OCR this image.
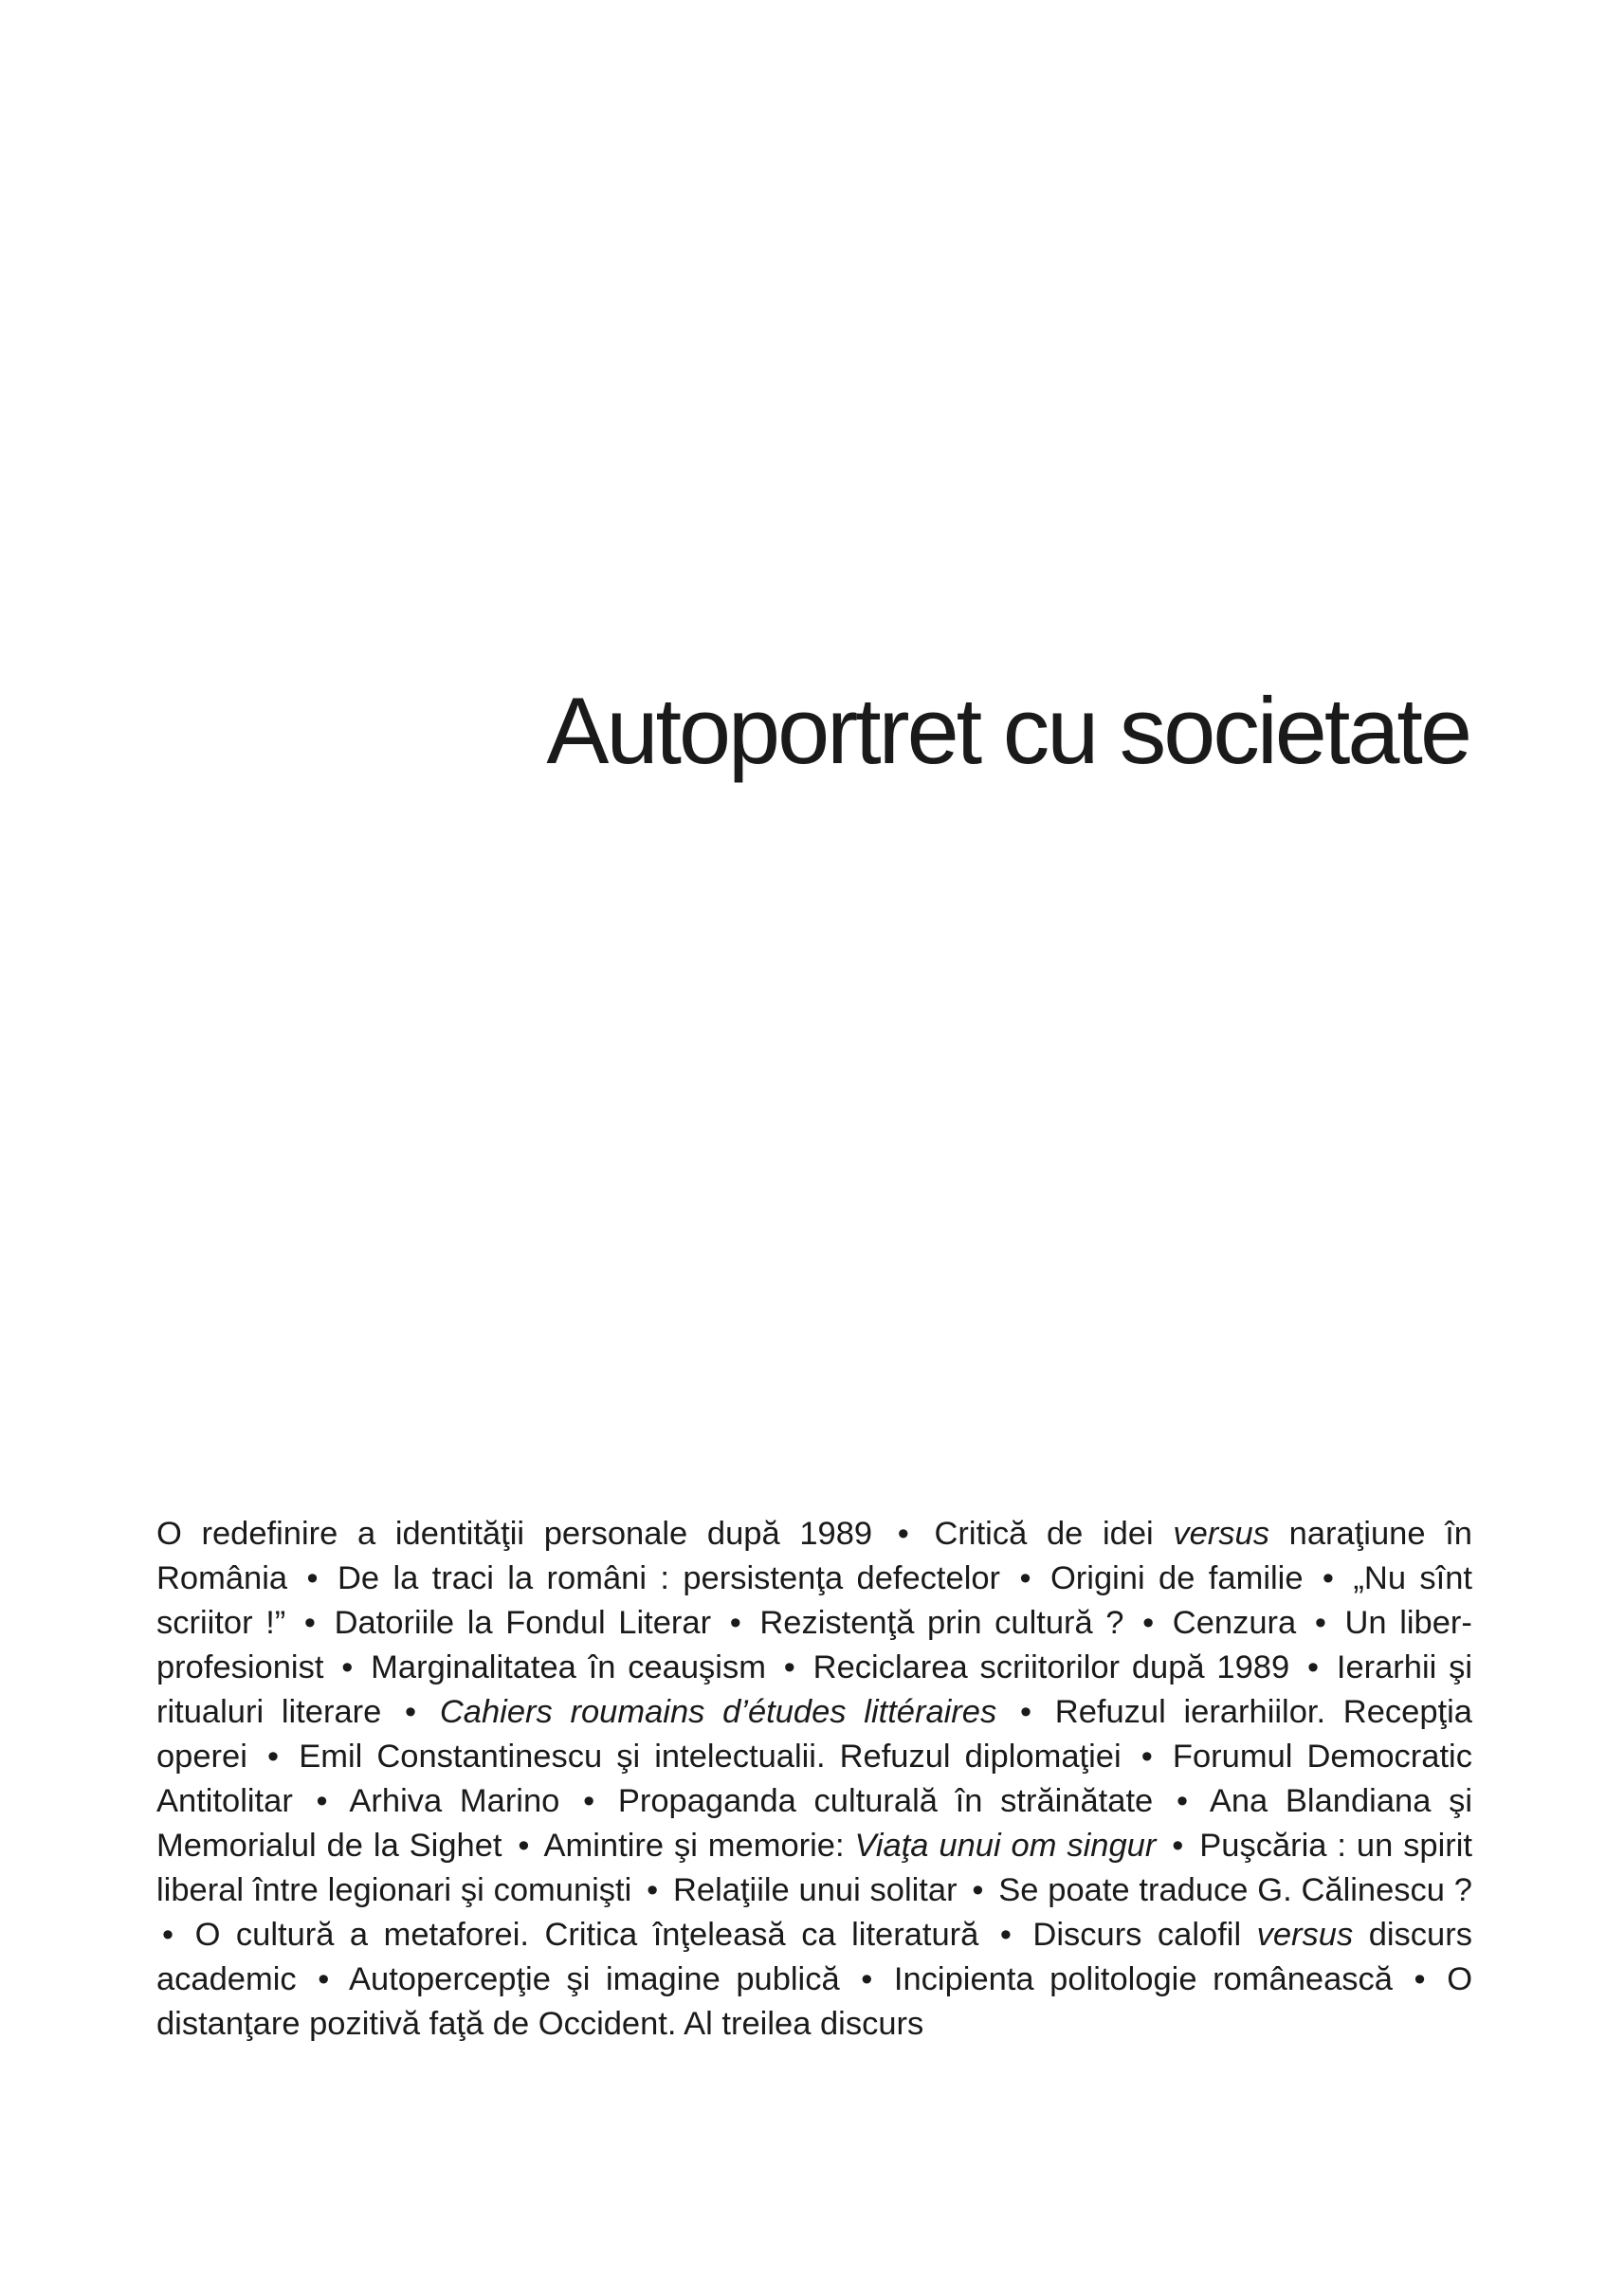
Autoportret cu societate

O redefinire a identităţii personale după 1989 • Critică de idei versus naraţiune în România • De la traci la români : persistenţa defectelor • Origini de familie • „Nu sînt scriitor !” • Datoriile la Fondul Literar • Rezistenţă prin cultură ? • Cenzura • Un liber-profesionist • Marginalitatea în ceauşism • Reciclarea scriitorilor după 1989 • Ierarhii şi ritualuri literare • Cahiers roumains d’études littéraires • Refuzul ierarhiilor. Recepţia operei • Emil Constantinescu şi intelectualii. Refuzul diplomaţiei • Forumul Democratic Antitolitar • Arhiva Marino • Propaganda culturală în străinătate • Ana Blandiana şi Memorialul de la Sighet • Amintire şi memorie: Viaţa unui om singur • Puşcăria : un spirit liberal între legionari şi comunişti • Relaţiile unui solitar • Se poate traduce G. Călinescu ? • O cultură a metaforei. Critica înţeleasă ca literatură • Discurs calofil versus discurs academic • Autopercepţie şi imagine publică • Incipienta politologie românească • O distanţare pozitivă faţă de Occident. Al treilea discurs
